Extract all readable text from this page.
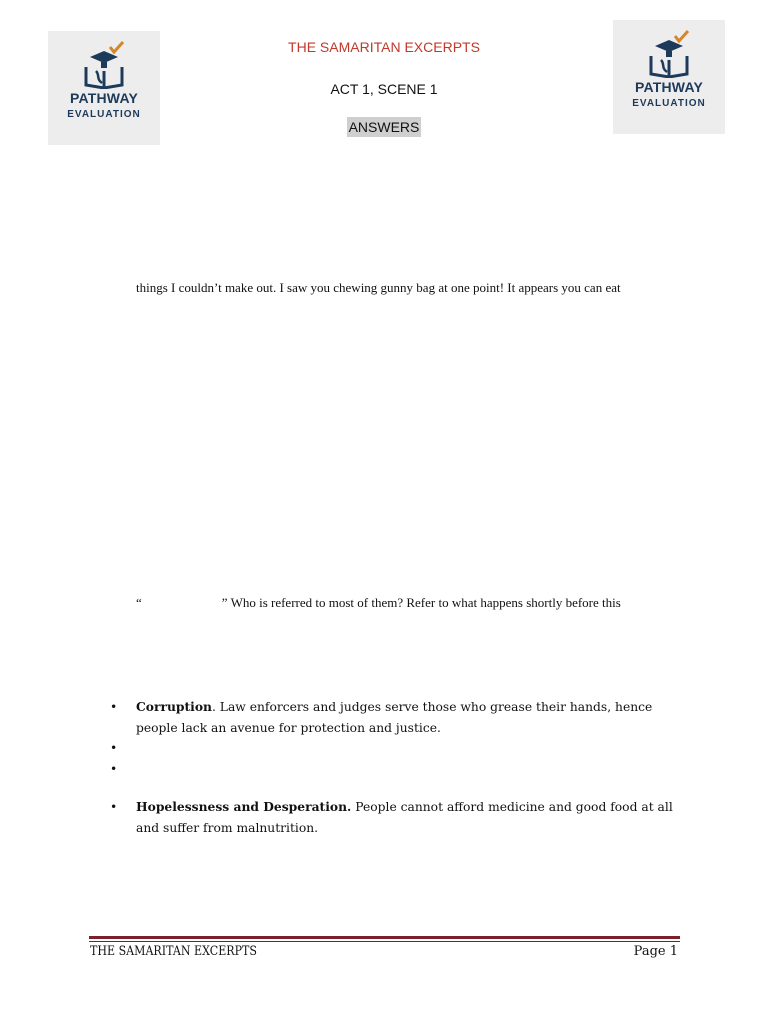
PATHWAY
EVALUATION
PATHWAY
EVALUATION
THE SAMARITAN EXCERPTS
ACT 1, SCENE 1
ANSWERS
things I couldn’t make out. I saw you chewing gunny bag at one point! It appears you can eat
“	” Who is referred to most of them? Refer to what happens shortly before this
• Corruption. Law enforcers and judges serve those who grease their hands, hence people lack an avenue for protection and justice.
•
•
• Hopelessness and Desperation. People cannot afford medicine and good food at all and suffer from malnutrition.
THE SAMARITAN EXCERPTS	Page 1
